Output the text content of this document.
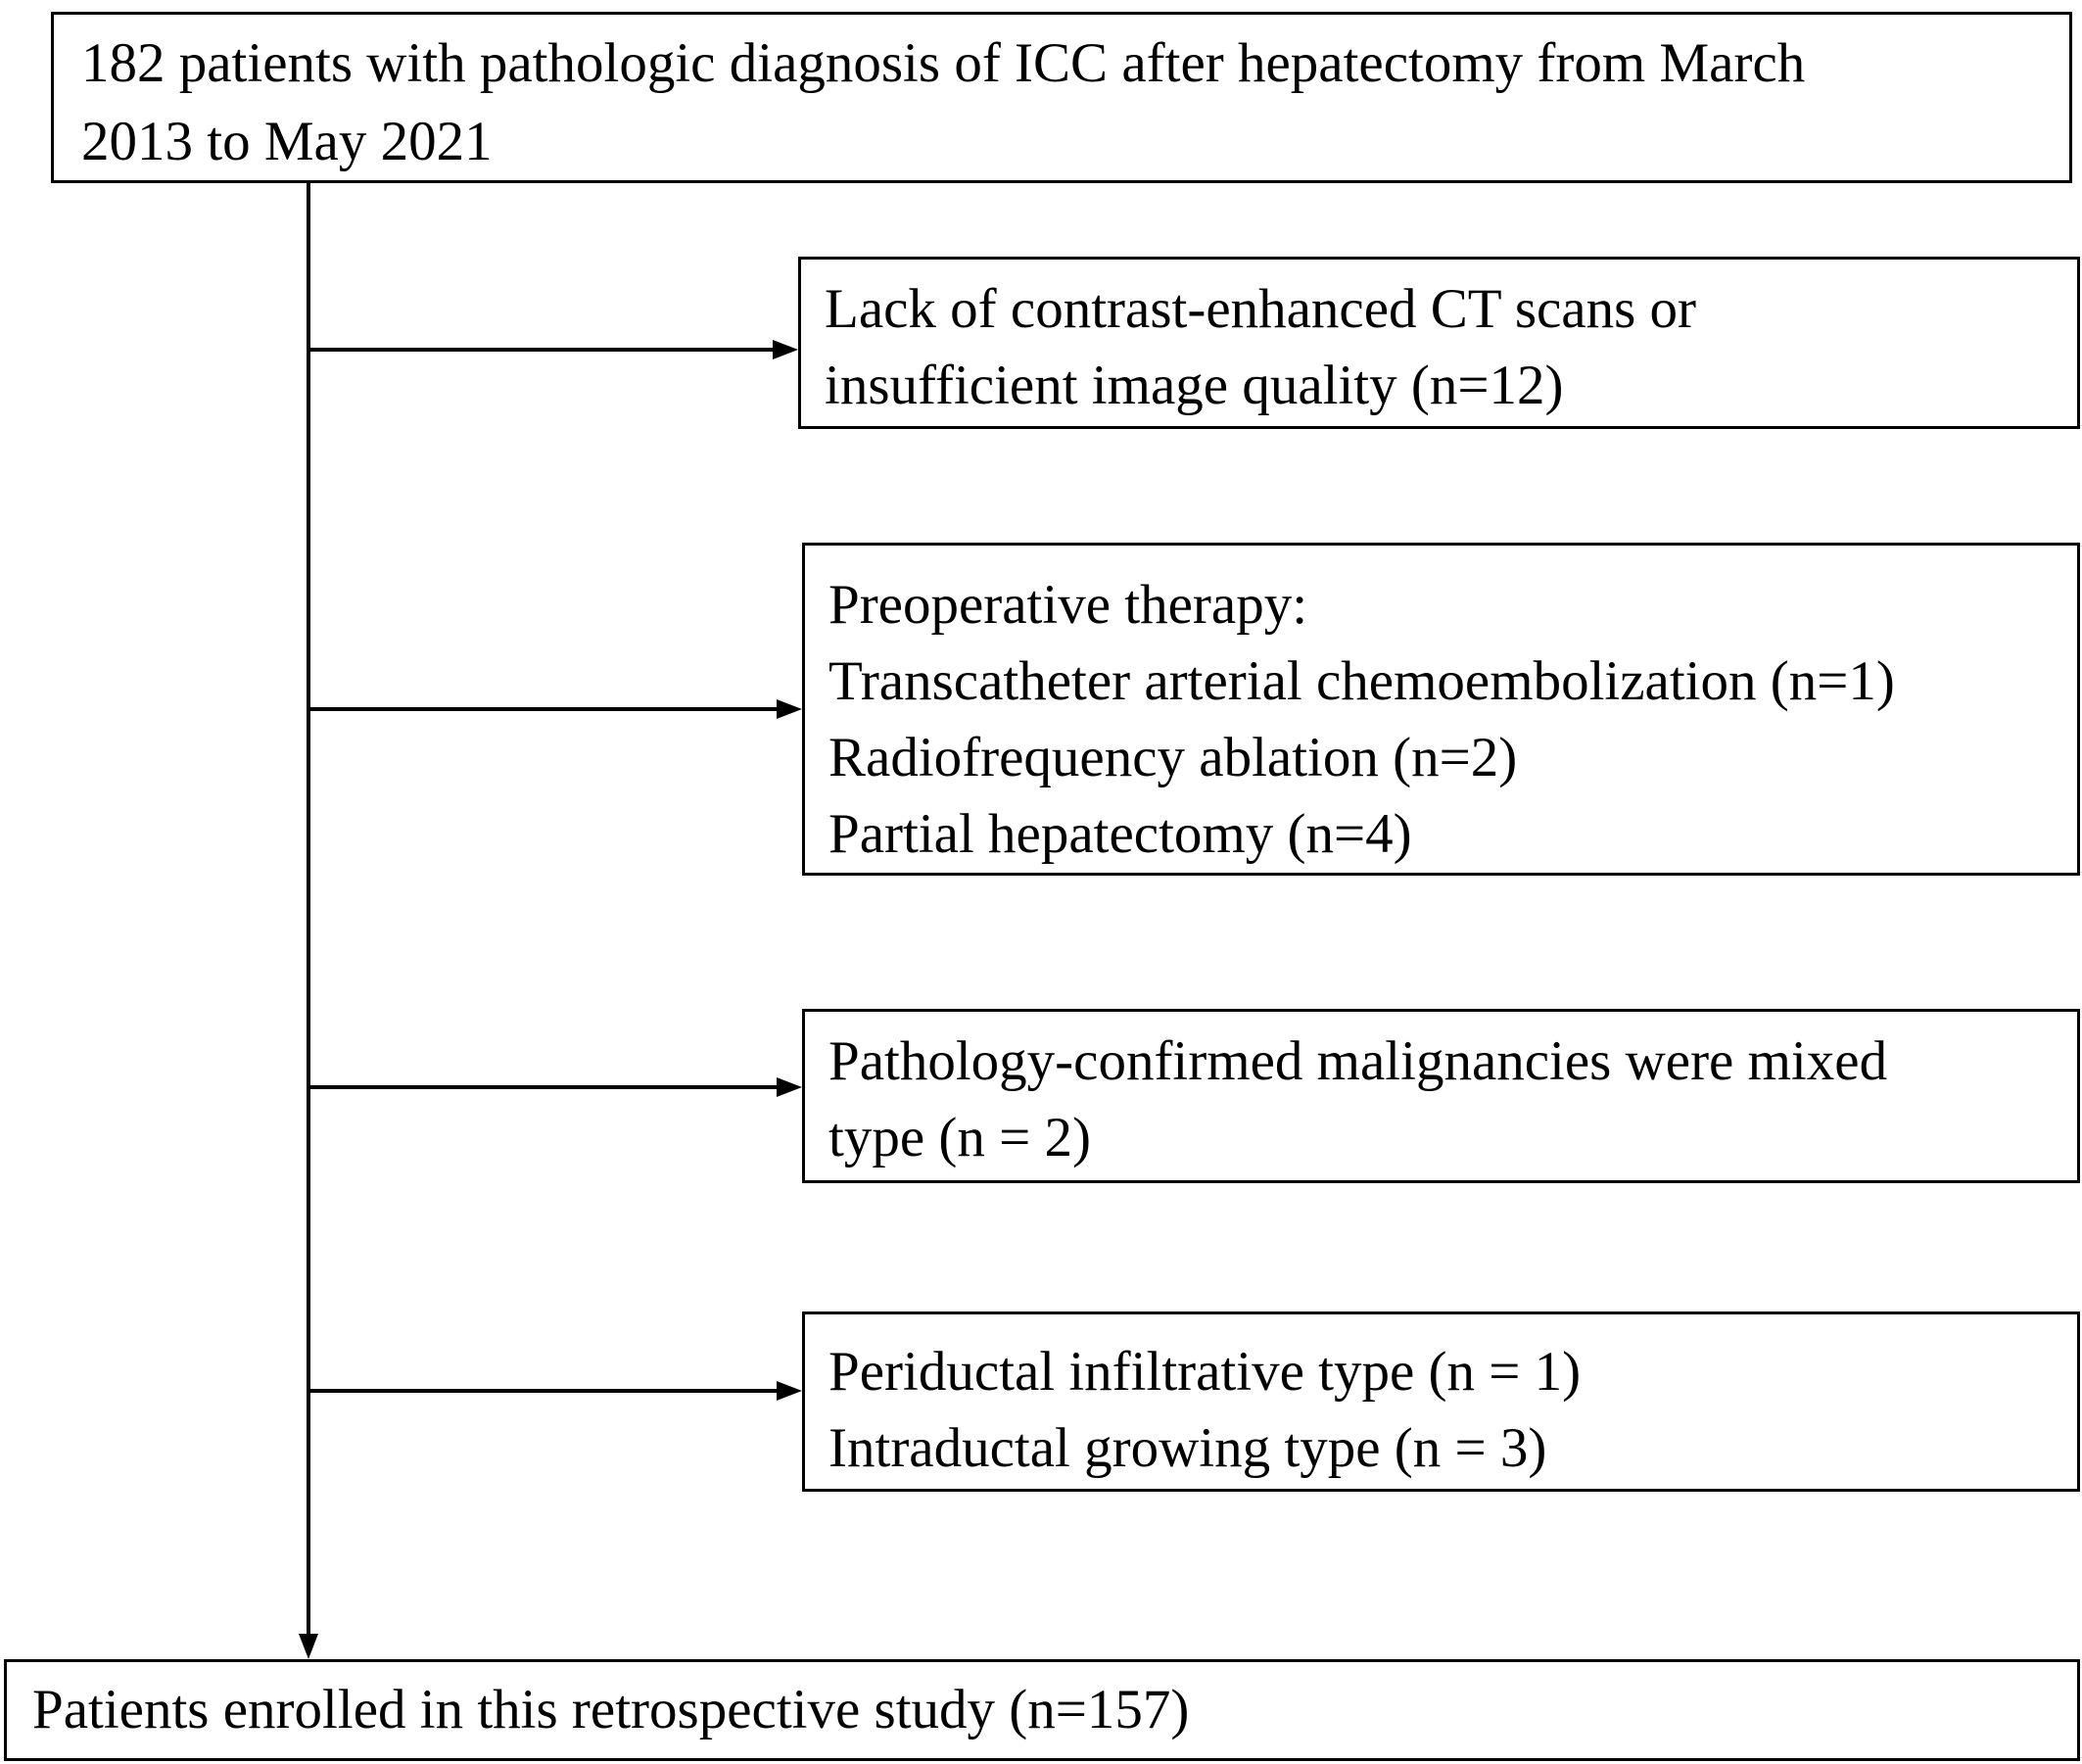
182 patients with pathologic diagnosis of ICC after hepatectomy from March
2013 to May 2021
Lack of contrast-enhanced CT scans or
insufficient image quality (n=12)
Preoperative therapy:
Transcatheter arterial chemoembolization (n=1)
Radiofrequency ablation (n=2)
Partial hepatectomy (n=4)
Pathology-confirmed malignancies were mixed
type (n = 2)
Periductal infiltrative type (n = 1)
Intraductal growing type (n = 3)
Patients enrolled in this retrospective study (n=157)
